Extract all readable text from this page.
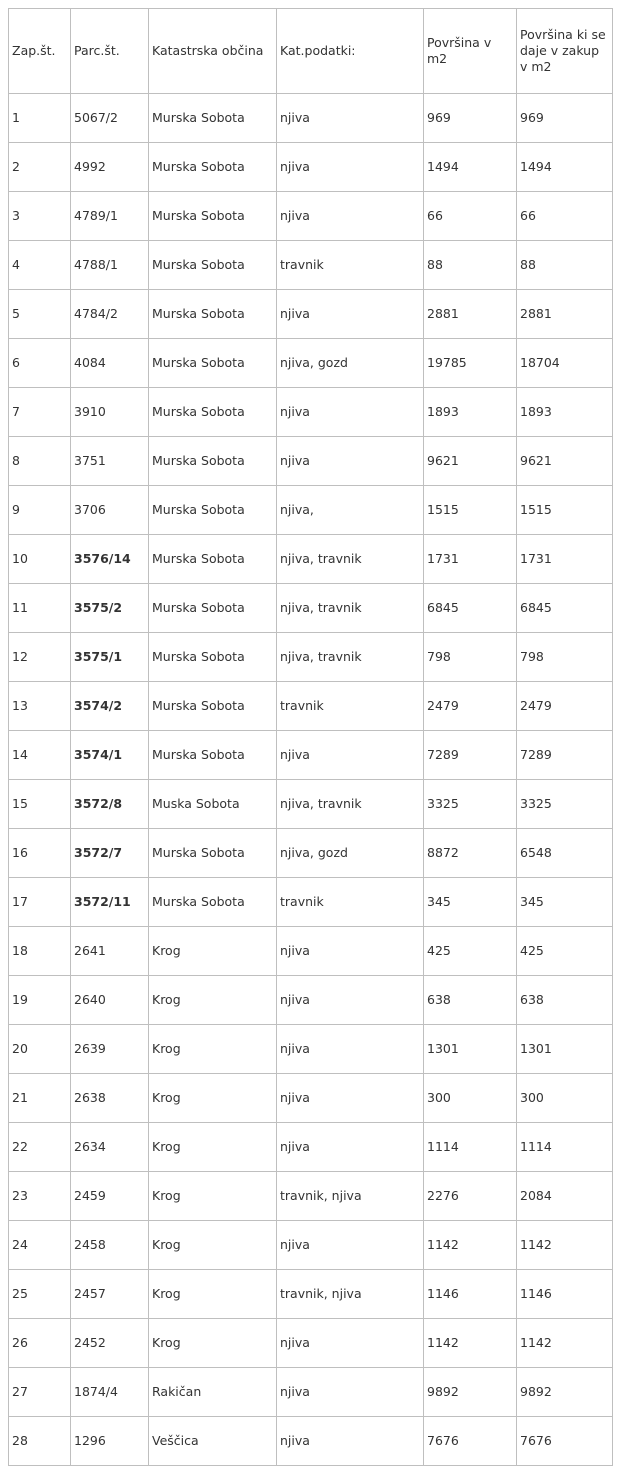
Zap.št.	Parc.št.	Katastrska občina	Kat.podatki:	Površina v m2	Površina ki se daje v zakup v m2
1	5067/2	Murska Sobota	njiva	969	969
2	4992	Murska Sobota	njiva	1494	1494
3	4789/1	Murska Sobota	njiva	66	66
4	4788/1	Murska Sobota	travnik	88	88
5	4784/2	Murska Sobota	njiva	2881	2881
6	4084	Murska Sobota	njiva, gozd	19785	18704
7	3910	Murska Sobota	njiva	1893	1893
8	3751	Murska Sobota	njiva	9621	9621
9	3706	Murska Sobota	njiva,	1515	1515
10	3576/14	Murska Sobota	njiva, travnik	1731	1731
11	3575/2	Murska Sobota	njiva, travnik	6845	6845
12	3575/1	Murska Sobota	njiva, travnik	798	798
13	3574/2	Murska Sobota	travnik	2479	2479
14	3574/1	Murska Sobota	njiva	7289	7289
15	3572/8	Muska Sobota	njiva, travnik	3325	3325
16	3572/7	Murska Sobota	njiva, gozd	8872	6548
17	3572/11	Murska Sobota	travnik	345	345
18	2641	Krog	njiva	425	425
19	2640	Krog	njiva	638	638
20	2639	Krog	njiva	1301	1301
21	2638	Krog	njiva	300	300
22	2634	Krog	njiva	1114	1114
23	2459	Krog	travnik, njiva	2276	2084
24	2458	Krog	njiva	1142	1142
25	2457	Krog	travnik, njiva	1146	1146
26	2452	Krog	njiva	1142	1142
27	1874/4	Rakičan	njiva	9892	9892
28	1296	Veščica	njiva	7676	7676
